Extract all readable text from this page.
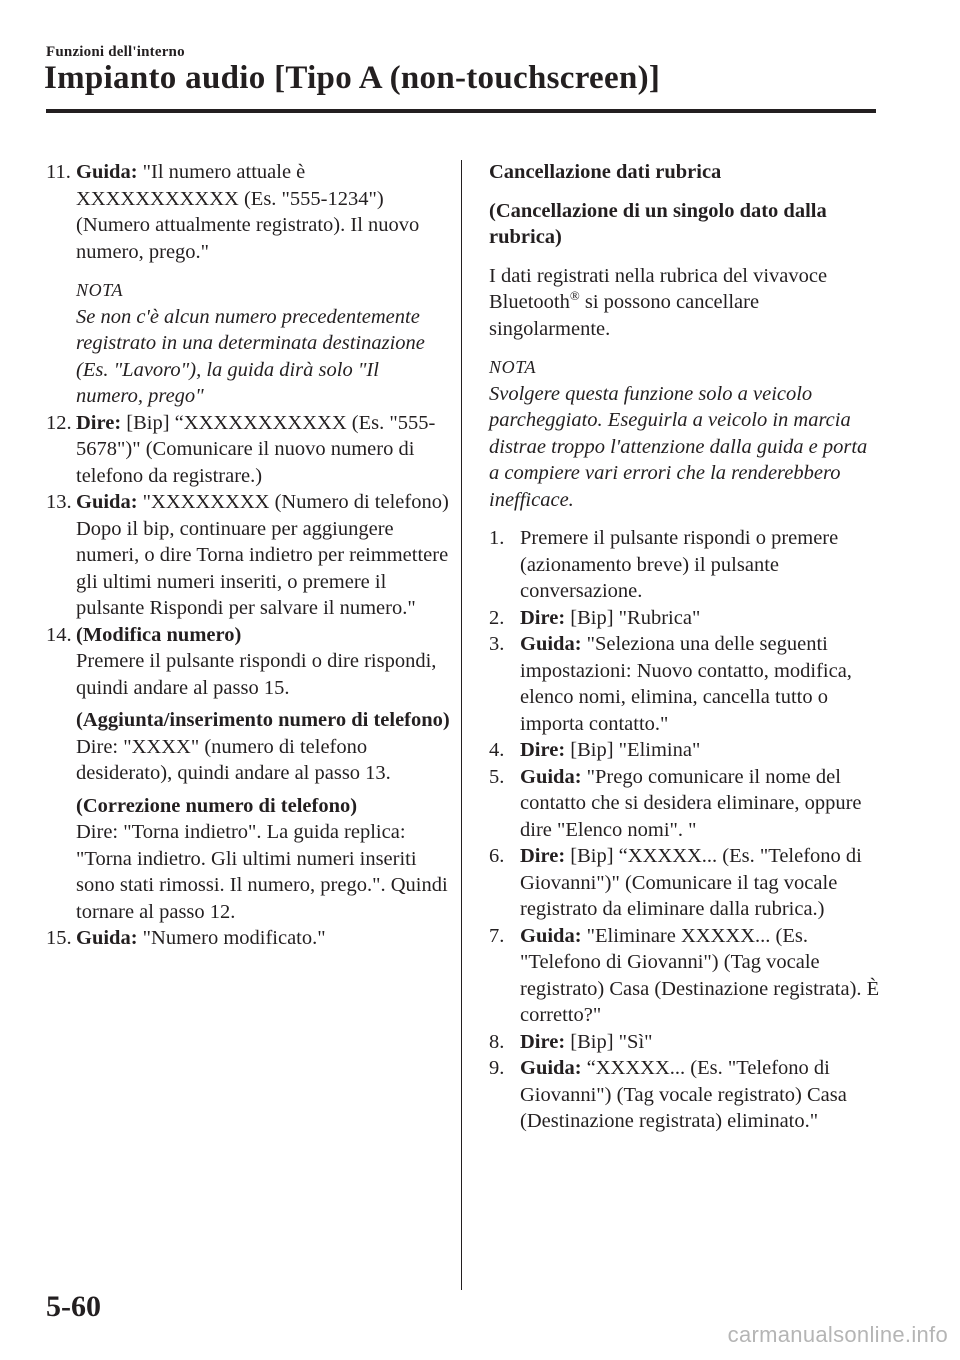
Funzioni dell'interno
Impianto audio [Tipo A (non-touchscreen)]
11. Guida: "Il numero attuale è XXXXXXXXXXX (Es. "555-1234") (Numero attualmente registrato). Il nuovo numero, prego."
NOTA
Se non c'è alcun numero precedentemente registrato in una determinata destinazione (Es. "Lavoro"), la guida dirà solo "Il numero, prego"
12. Dire: [Bip] “XXXXXXXXXXX (Es. "555-5678")" (Comunicare il nuovo numero di telefono da registrare.)
13. Guida: "XXXXXXXX (Numero di telefono) Dopo il bip, continuare per aggiungere numeri, o dire Torna indietro per reimmettere gli ultimi numeri inseriti, o premere il pulsante Rispondi per salvare il numero."
14. (Modifica numero)
Premere il pulsante rispondi o dire rispondi, quindi andare al passo 15.
(Aggiunta/inserimento numero di telefono)
Dire: "XXXX" (numero di telefono desiderato), quindi andare al passo 13.
(Correzione numero di telefono)
Dire: "Torna indietro". La guida replica: "Torna indietro. Gli ultimi numeri inseriti sono stati rimossi. Il numero, prego.". Quindi tornare al passo 12.
15. Guida: "Numero modificato."
Cancellazione dati rubrica
(Cancellazione di un singolo dato dalla rubrica)
I dati registrati nella rubrica del vivavoce Bluetooth® si possono cancellare singolarmente.
NOTA
Svolgere questa funzione solo a veicolo parcheggiato. Eseguirla a veicolo in marcia distrae troppo l'attenzione dalla guida e porta a compiere vari errori che la renderebbero inefficace.
1. Premere il pulsante rispondi o premere (azionamento breve) il pulsante conversazione.
2. Dire: [Bip] "Rubrica"
3. Guida: "Seleziona una delle seguenti impostazioni: Nuovo contatto, modifica, elenco nomi, elimina, cancella tutto o importa contatto."
4. Dire: [Bip] "Elimina"
5. Guida: "Prego comunicare il nome del contatto che si desidera eliminare, oppure dire "Elenco nomi". "
6. Dire: [Bip] “XXXXX... (Es. "Telefono di Giovanni")" (Comunicare il tag vocale registrato da eliminare dalla rubrica.)
7. Guida: "Eliminare XXXXX... (Es. "Telefono di Giovanni") (Tag vocale registrato) Casa (Destinazione registrata). È corretto?"
8. Dire: [Bip] "Sì"
9. Guida: “XXXXX... (Es. "Telefono di Giovanni") (Tag vocale registrato) Casa (Destinazione registrata) eliminato."
5-60
carmanualsonline.info
